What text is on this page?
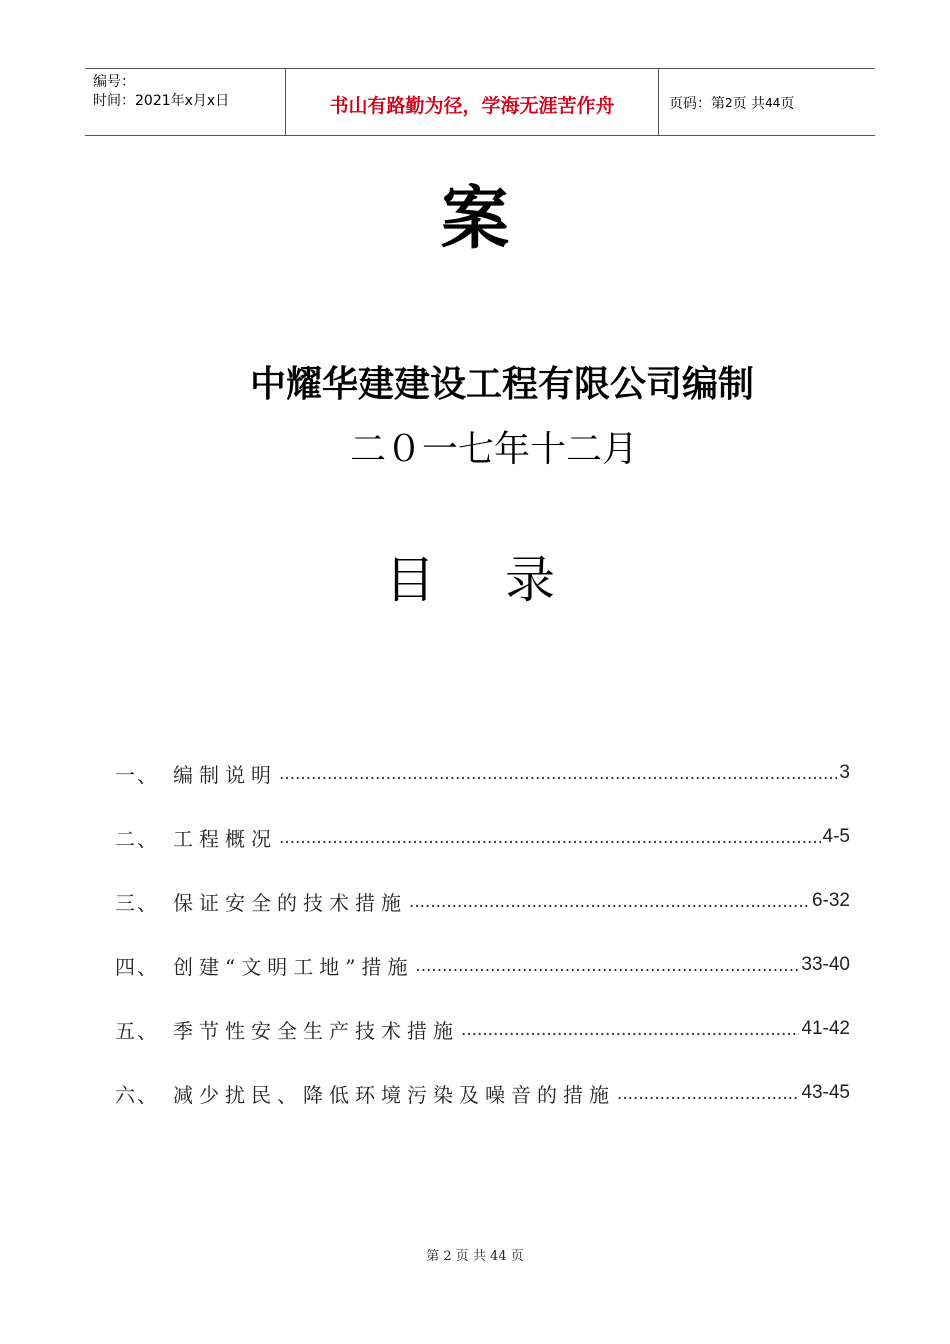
编号：
时间：2021年x月x日	书山有路勤为径，学海无涯苦作舟	页码：第 2 页 共 44 页
案
中耀华建建设工程有限公司编制
二０一七年十二月
目 录
一、 编制说明 …………………………………………………………………………………………………………………………………………	3
二、 工程概况 …………………………………………………………………………………………………………………………………………	4-5
三、 保证安全的技术措施 …………………………………………………………………………………………………………………………………………	6-32
四、 创建“文明工地”措施 …………………………………………………………………………………………………………………………………………	33-40
五、 季节性安全生产技术措施 …………………………………………………………………………………………………………………………………………	41-42
六、 减少扰民、降低环境污染及噪音的措施 …………………………………………………………………………………………………………………………………………	43-45
第 2 页 共 44 页
